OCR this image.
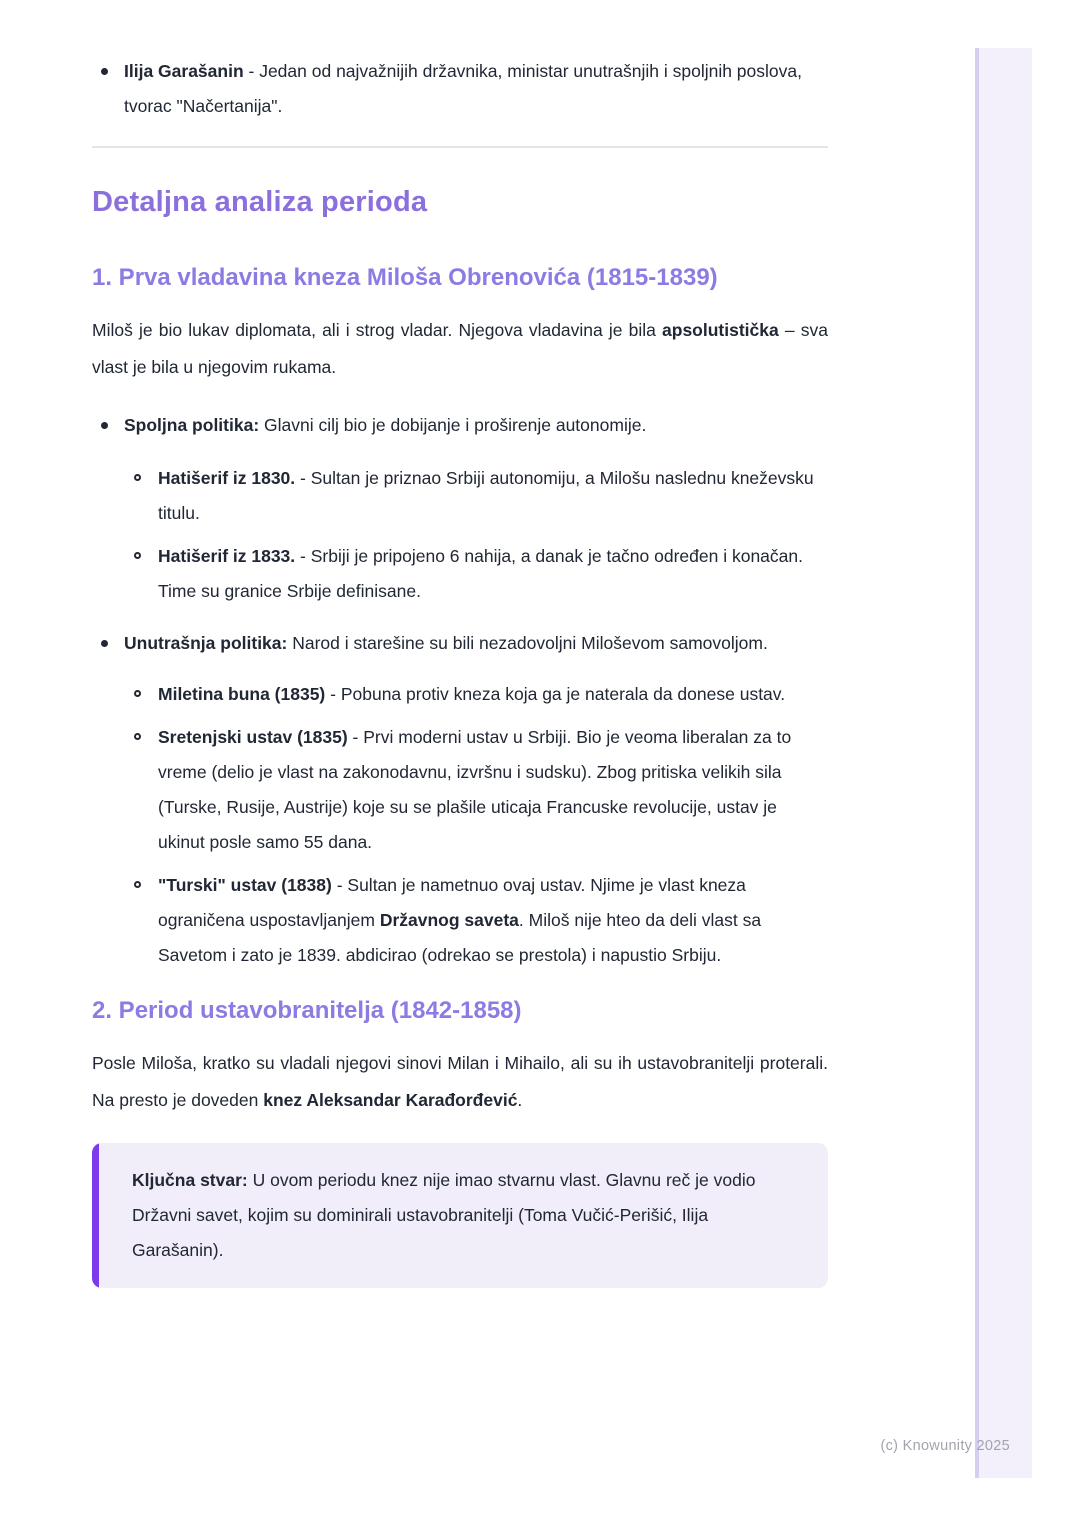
Ilija Garašanin - Jedan od najvažnijih državnika, ministar unutrašnjih i spoljnih poslova, tvorac "Načertanija".
Detaljna analiza perioda
1. Prva vladavina kneza Miloša Obrenovića (1815-1839)

Miloš je bio lukav diplomata, ali i strog vladar. Njegova vladavina je bila apsolutistička – sva vlast je bila u njegovim rukama.

Spoljna politika: Glavni cilj bio je dobijanje i proširenje autonomije.
Hatišerif iz 1830. - Sultan je priznao Srbiji autonomiju, a Milošu naslednu kneževsku titulu.
Hatišerif iz 1833. - Srbiji je pripojeno 6 nahija, a danak je tačno određen i konačan. Time su granice Srbije definisane.
Unutrašnja politika: Narod i starešine su bili nezadovoljni Miloševom samovoljom.
Miletina buna (1835) - Pobuna protiv kneza koja ga je naterala da donese ustav.
Sretenjski ustav (1835) - Prvi moderni ustav u Srbiji. Bio je veoma liberalan za to vreme (delio je vlast na zakonodavnu, izvršnu i sudsku). Zbog pritiska velikih sila (Turske, Rusije, Austrije) koje su se plašile uticaja Francuske revolucije, ustav je ukinut posle samo 55 dana.
"Turski" ustav (1838) - Sultan je nametnuo ovaj ustav. Njime je vlast kneza ograničena uspostavljanjem Državnog saveta. Miloš nije hteo da deli vlast sa Savetom i zato je 1839. abdicirao (odrekao se prestola) i napustio Srbiju.
2. Period ustavobranitelja (1842-1858)

Posle Miloša, kratko su vladali njegovi sinovi Milan i Mihailo, ali su ih ustavobranitelji proterali. Na presto je doveden knez Aleksandar Karađorđević.

Ključna stvar: U ovom periodu knez nije imao stvarnu vlast. Glavnu reč je vodio Državni savet, kojim su dominirali ustavobranitelji (Toma Vučić-Perišić, Ilija Garašanin).

(c) Knowunity 2025
